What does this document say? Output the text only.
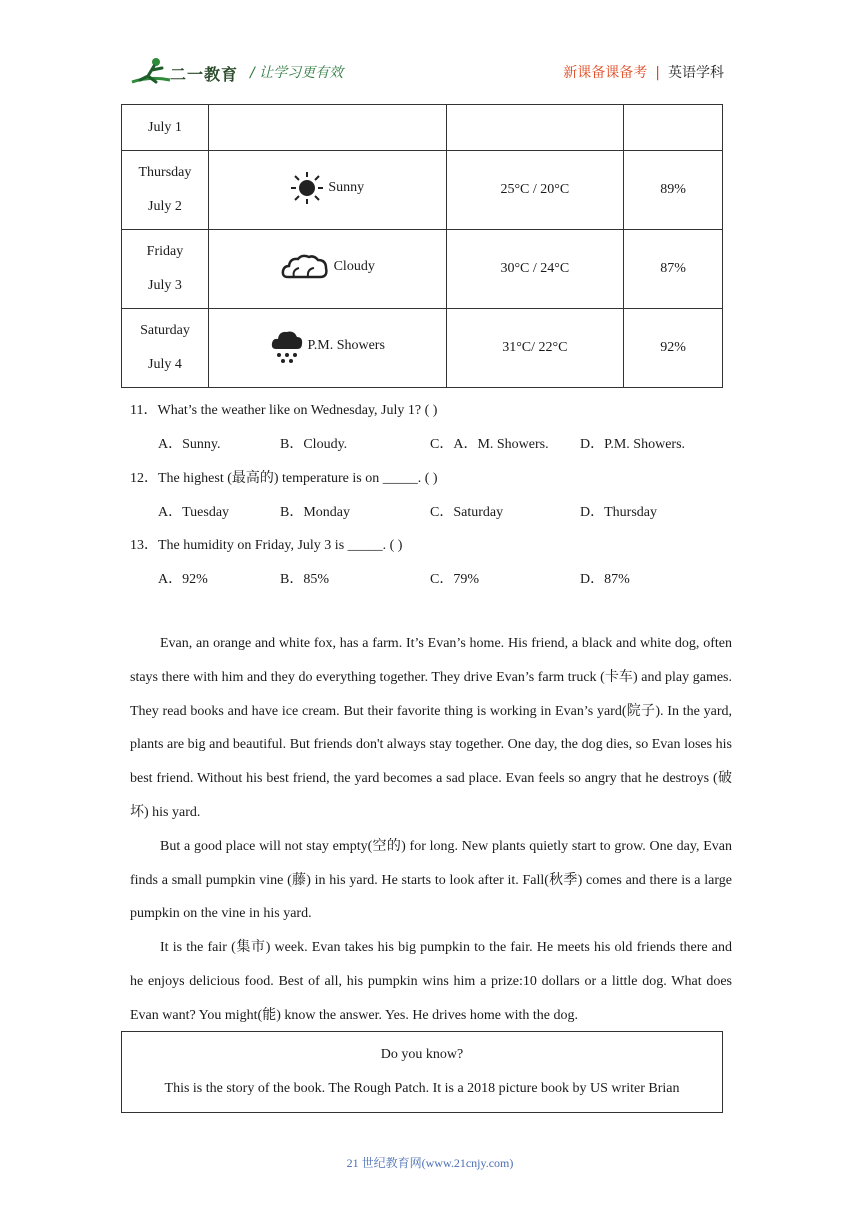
二一教育 / 让学习更有效	新课备课备考 | 英语学科
July 1			

Thursday
July 2	Sunny	25°C / 20°C	89%

Friday
July 3	Cloudy	30°C / 24°C	87%

Saturday
July 4	P.M. Showers	31°C/ 22°C	92%
11．What’s the weather like on Wednesday, July 1? ( )
A．Sunny.	B．Cloudy.	C．A．M. Showers. D．P.M. Showers.
12．The highest (最高的) temperature is on _____. ( )
A．Tuesday	B．Monday	C．Saturday	D．Thursday
13．The humidity on Friday, July 3 is _____. ( )
A．92%	B．85%	C．79%	D．87%

Evan, an orange and white fox, has a farm. It’s Evan’s home. His friend, a black and white dog, often stays there with him and they do everything together. They drive Evan’s farm truck (卡车) and play games. They read books and have ice cream. But their favorite thing is working in Evan’s yard(院子). In the yard, plants are big and beautiful. But friends don't always stay together. One day, the dog dies, so Evan loses his best friend. Without his best friend, the yard becomes a sad place. Evan feels so angry that he destroys (破坏) his yard.

But a good place will not stay empty(空的) for long. New plants quietly start to grow. One day, Evan finds a small pumpkin vine (藤) in his yard. He starts to look after it. Fall(秋季) comes and there is a large pumpkin on the vine in his yard.

It is the fair (集市) week. Evan takes his big pumpkin to the fair. He meets his old friends there and he enjoys delicious food. Best of all, his pumpkin wins him a prize:10 dollars or a little dog. What does Evan want? You might(能) know the answer. Yes. He drives home with the dog.

Do you know?
This is the story of the book. The Rough Patch. It is a 2018 picture book by US writer Brian
21 世纪教育网(www.21cnjy.com)
